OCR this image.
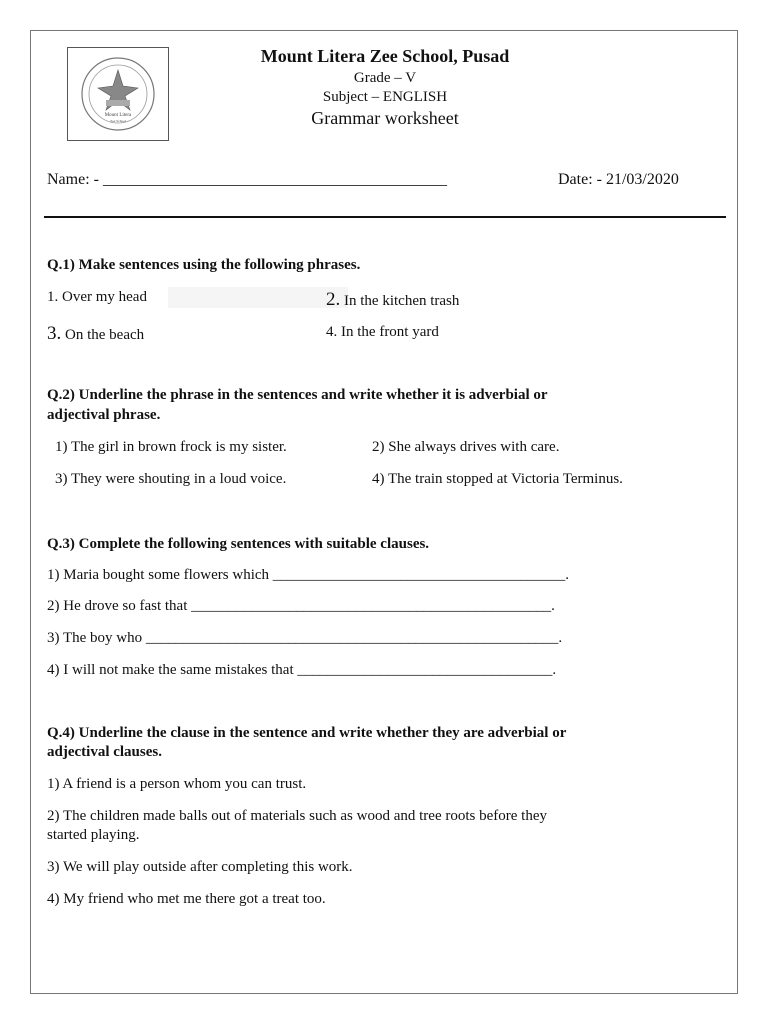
Mount Litera
Zee School
Mount Litera Zee School, Pusad
Grade – V
Subject – ENGLISH
Grammar worksheet
Name: - ___________________________________________	Date: - 21/03/2020
Q.1) Make sentences using the following phrases.
1. Over my head	2. In the kitchen trash
3. On the beach	4. In the front yard
Q.2) Underline the phrase in the sentences and write whether it is adverbial or
adjectival phrase.
1) The girl in brown frock is my sister.	2) She always drives with care.
3) They were shouting in a loud voice.	4) The train stopped at Victoria Terminus.
Q.3) Complete the following sentences with suitable clauses.
1) Maria bought some flowers which _______________________________________.
2) He drove so fast that ________________________________________________.
3) The boy who _______________________________________________________.
4) I will not make the same mistakes that __________________________________.
Q.4) Underline the clause in the sentence and write whether they are adverbial or
adjectival clauses.
1) A friend is a person whom you can trust.
2) The children made balls out of materials such as wood and tree roots before they
started playing.
3) We will play outside after completing this work.
4) My friend who met me there got a treat too.
